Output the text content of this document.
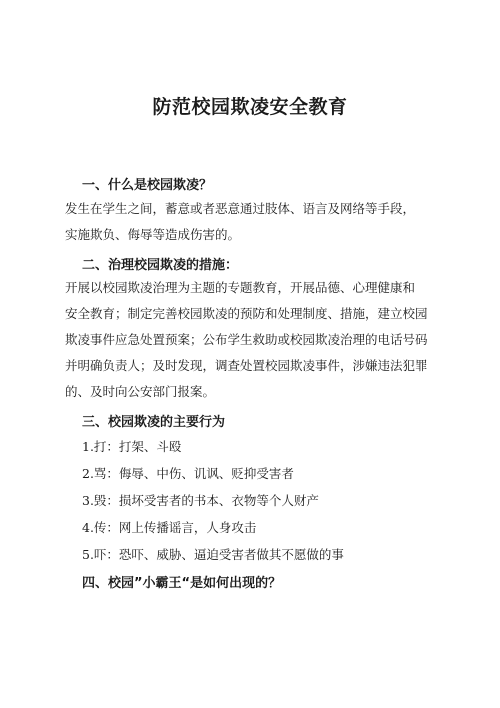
防范校园欺凌安全教育
一、什么是校园欺凌？
发生在学生之间，蓄意或者恶意通过肢体、语言及网络等手段，
实施欺负、侮辱等造成伤害的。
二、治理校园欺凌的措施：
开展以校园欺凌治理为主题的专题教育，开展品德、心理健康和
安全教育；制定完善校园欺凌的预防和处理制度、措施，建立校园
欺凌事件应急处置预案；公布学生救助或校园欺凌治理的电话号码
并明确负责人；及时发现，调查处置校园欺凌事件，涉嫌违法犯罪
的、及时向公安部门报案。
三、校园欺凌的主要行为
1.打：打架、斗殴
2.骂：侮辱、中伤、讥讽、贬抑受害者
3.毁：损坏受害者的书本、衣物等个人财产
4.传：网上传播谣言，人身攻击
5.吓：恐吓、威胁、逼迫受害者做其不愿做的事
四、校园”小霸王“是如何出现的？
